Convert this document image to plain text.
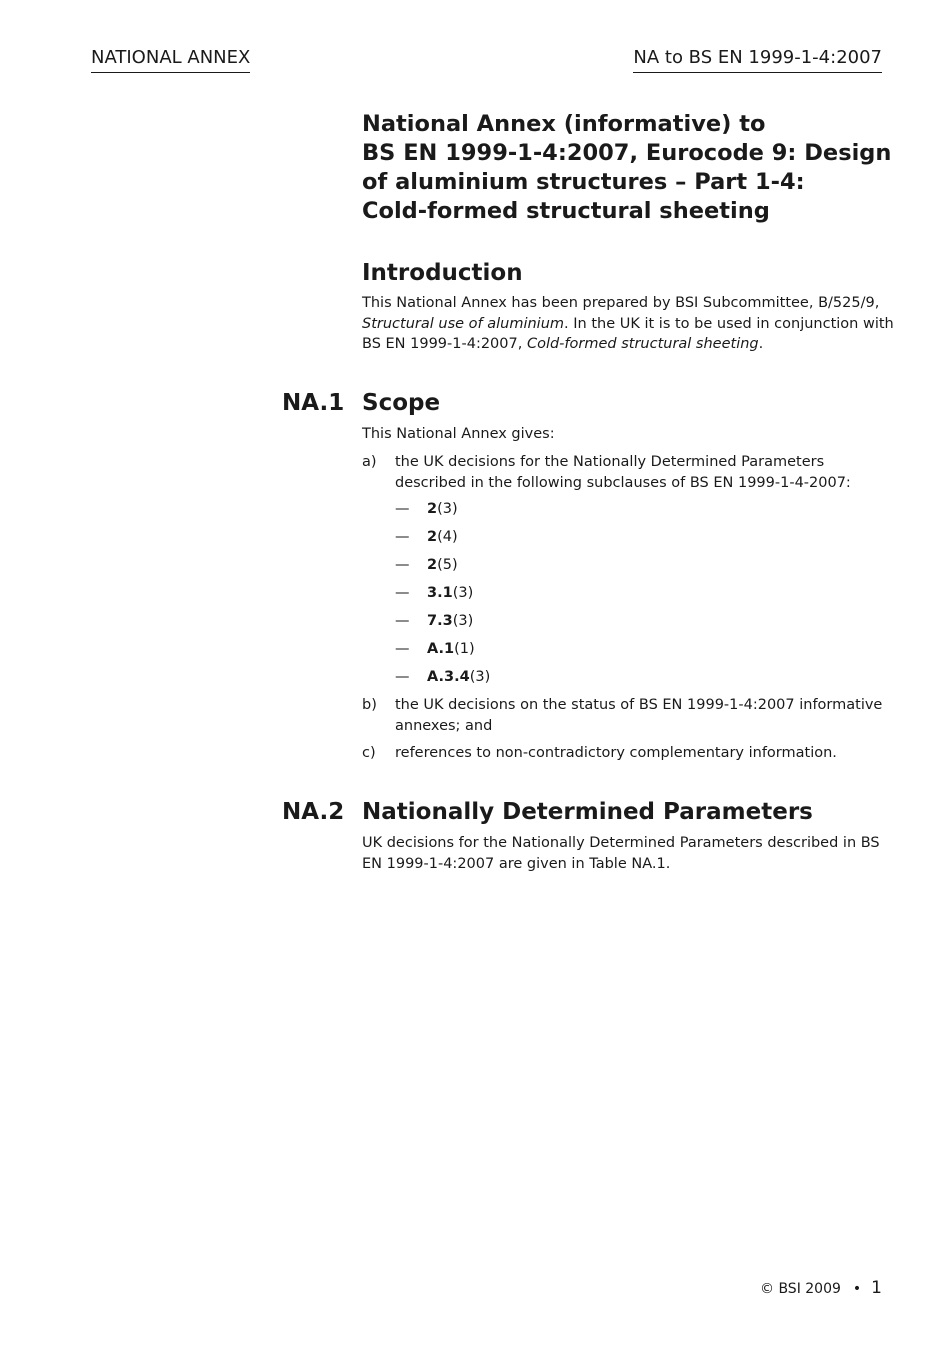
NATIONAL ANNEX	NA to BS EN 1999-1-4:2007
National Annex (informative) to
BS EN 1999-1-4:2007, Eurocode 9: Design
of aluminium structures – Part 1-4:
Cold-formed structural sheeting
Introduction

This National Annex has been prepared by BSI Subcommittee, B/525/9, Structural use of aluminium. In the UK it is to be used in conjunction with BS EN 1999-1-4:2007, Cold-formed structural sheeting.

NA.1 Scope

This National Annex gives:

a) the UK decisions for the Nationally Determined Parameters described in the following subclauses of BS EN 1999-1-4-2007:

— 2(3)
— 2(4)
— 2(5)
— 3.1(3)
— 7.3(3)
— A.1(1)
— A.3.4(3)
b) the UK decisions on the status of BS EN 1999-1-4:2007 informative annexes; and

c) references to non-contradictory complementary information.

NA.2 Nationally Determined Parameters

UK decisions for the Nationally Determined Parameters described in BS EN 1999-1-4:2007 are given in Table NA.1.

© BSI 2009 • 1
